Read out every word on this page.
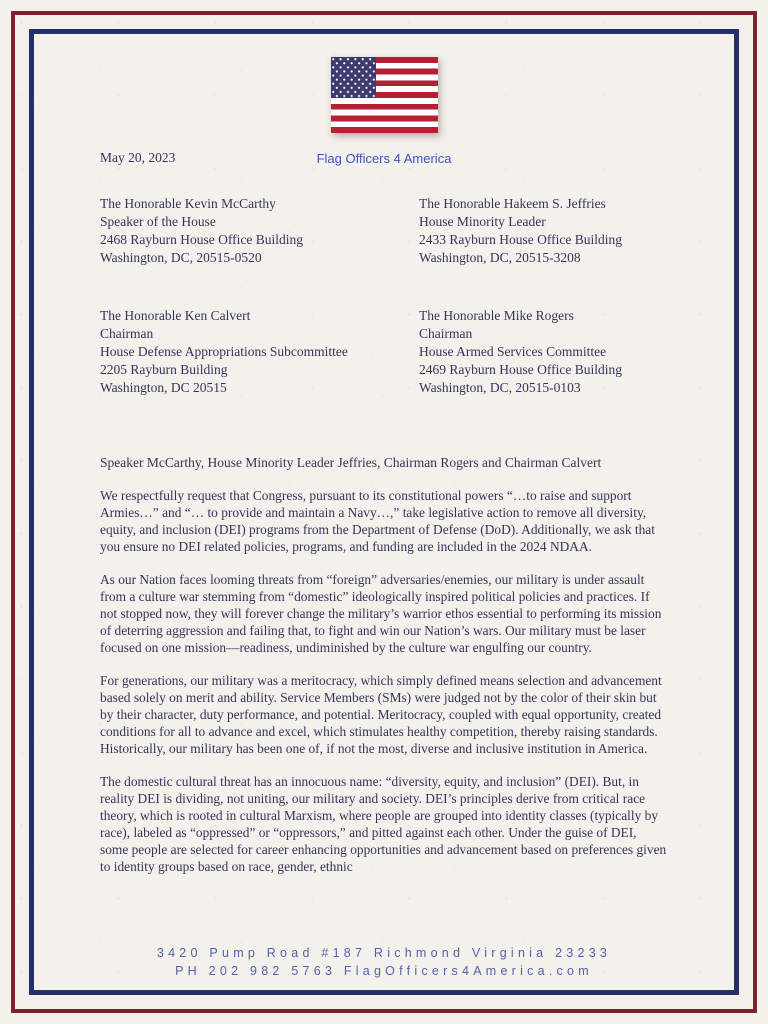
May 20, 2023	Flag Officers 4 America
The Honorable Kevin McCarthy
Speaker of the House
2468 Rayburn House Office Building
Washington, DC, 20515-0520
The Honorable Hakeem S. Jeffries
House Minority Leader
2433 Rayburn House Office Building
Washington, DC, 20515-3208
The Honorable Ken Calvert
Chairman
House Defense Appropriations Subcommittee
2205 Rayburn Building
Washington, DC 20515
The Honorable Mike Rogers
Chairman
House Armed Services Committee
2469 Rayburn House Office Building
Washington, DC, 20515-0103

Speaker McCarthy, House Minority Leader Jeffries, Chairman Rogers and Chairman Calvert

We respectfully request that Congress, pursuant to its constitutional powers “…to raise and support Armies…” and “… to provide and maintain a Navy…,” take legislative action to remove all diversity, equity, and inclusion (DEI) programs from the Department of Defense (DoD). Additionally, we ask that you ensure no DEI related policies, programs, and funding are included in the 2024 NDAA.

As our Nation faces looming threats from “foreign” adversaries/enemies, our military is under assault from a culture war stemming from “domestic” ideologically inspired political policies and practices. If not stopped now, they will forever change the military’s warrior ethos essential to performing its mission of deterring aggression and failing that, to fight and win our Nation’s wars. Our military must be laser focused on one mission—readiness, undiminished by the culture war engulfing our country.

For generations, our military was a meritocracy, which simply defined means selection and advancement based solely on merit and ability. Service Members (SMs) were judged not by the color of their skin but by their character, duty performance, and potential. Meritocracy, coupled with equal opportunity, created conditions for all to advance and excel, which stimulates healthy competition, thereby raising standards. Historically, our military has been one of, if not the most, diverse and inclusive institution in America.

The domestic cultural threat has an innocuous name: “diversity, equity, and inclusion” (DEI). But, in reality DEI is dividing, not uniting, our military and society. DEI’s principles derive from critical race theory, which is rooted in cultural Marxism, where people are grouped into identity classes (typically by race), labeled as “oppressed” or “oppressors,” and pitted against each other. Under the guise of DEI, some people are selected for career enhancing opportunities and advancement based on preferences given to identity groups based on race, gender, ethnic

3420 Pump Road #187 Richmond Virginia 23233
PH 202 982 5763 FlagOfficers4America.com
